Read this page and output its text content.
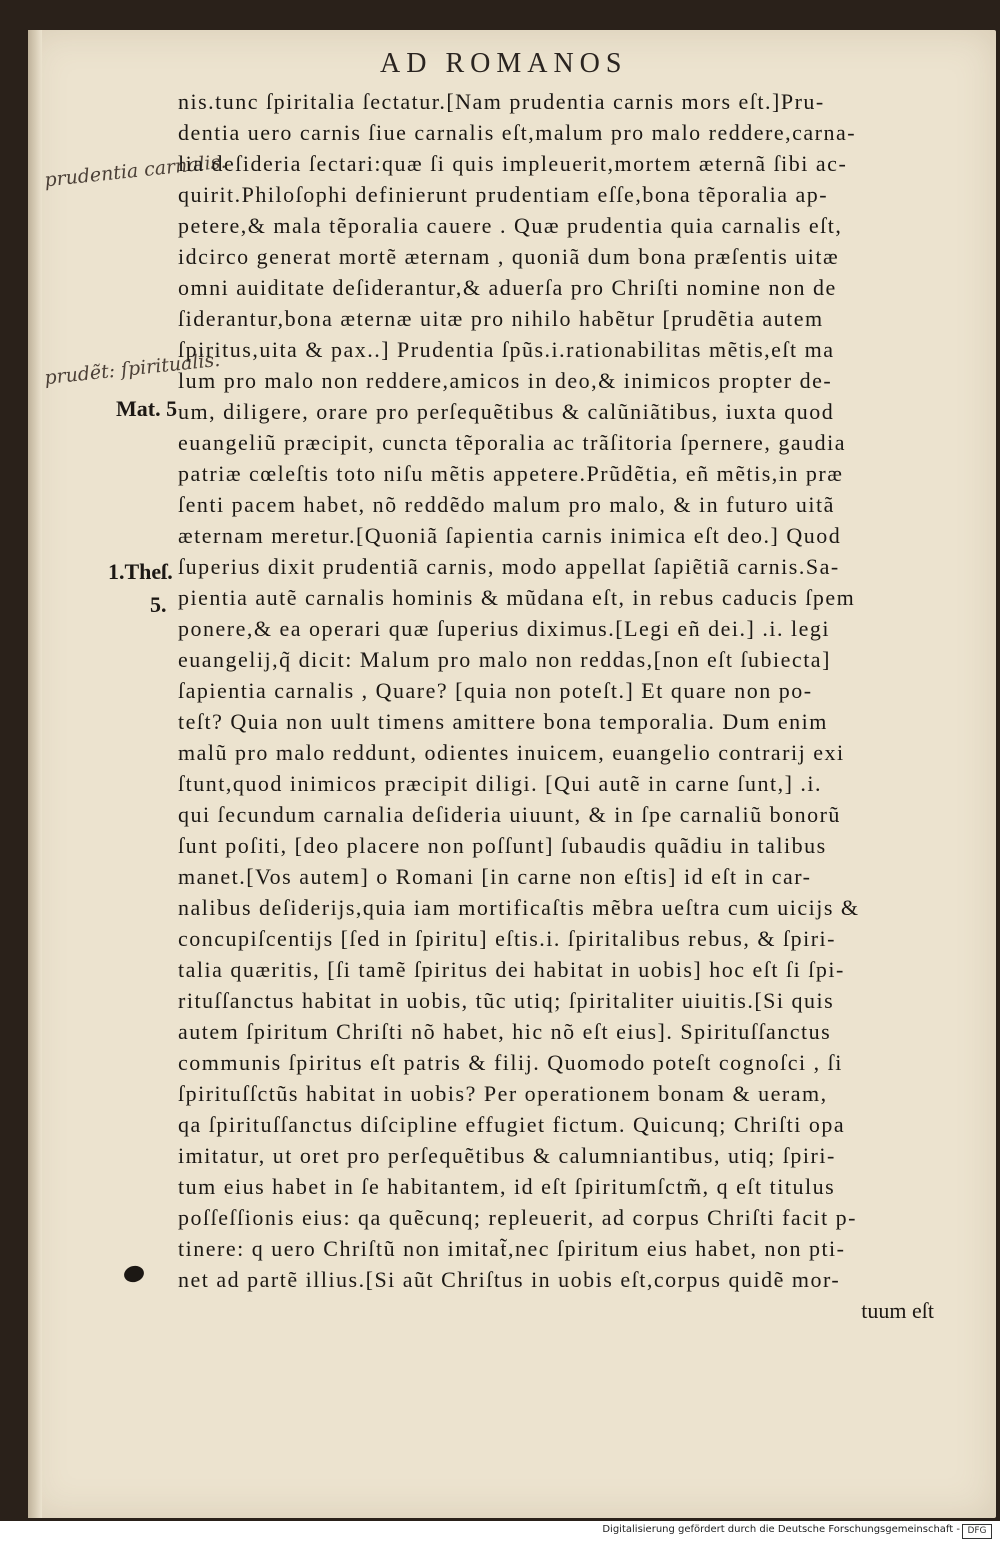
AD ROMANOS
prudentia carnalis.
prudẽt: ſpiritualis.
Mat. 5
1.Theſ.
5.
nis.tunc ſpiritalia ſectatur.[Nam prudentia carnis mors eſt.]Pru-
dentia uero carnis ſiue carnalis eſt,malum pro malo reddere,carna-
lia deſideria ſectari:quæ ſi quis impleuerit,mortem æternã ſibi ac-
quirit.Philoſophi definierunt prudentiam eſſe,bona tẽporalia ap-
petere,& mala tẽporalia cauere . Quæ prudentia quia carnalis eſt,
idcirco generat mortẽ æternam , quoniã dum bona præſentis uitæ
omni auiditate deſiderantur,& aduerſa pro Chriſti nomine non de
ſiderantur,bona æternæ uitæ pro nihilo habẽtur [prudẽtia autem
ſpiritus,uita & pax..] Prudentia ſpũs.i.rationabilitas mẽtis,eſt ma
lum pro malo non reddere,amicos in deo,& inimicos propter de-
um, diligere, orare pro perſequẽtibus & calũniãtibus, iuxta quod
euangeliũ præcipit, cuncta tẽporalia ac trãſitoria ſpernere, gaudia
patriæ cœleſtis toto niſu mẽtis appetere.Prũdẽtia, eñ mẽtis,in præ
ſenti pacem habet, nõ reddẽdo malum pro malo, & in futuro uitã
æternam meretur.[Quoniã ſapientia carnis inimica eſt deo.] Quod
ſuperius dixit prudentiã carnis, modo appellat ſapiẽtiã carnis.Sa-
pientia autẽ carnalis hominis & mũdana eſt, in rebus caducis ſpem
ponere,& ea operari quæ ſuperius diximus.[Legi eñ dei.] .i. legi
euangelij,q̃ dicit: Malum pro malo non reddas,[non eſt ſubiecta]
ſapientia carnalis , Quare? [quia non poteſt.] Et quare non po-
teſt? Quia non uult timens amittere bona temporalia. Dum enim
malũ pro malo reddunt, odientes inuicem, euangelio contrarij exi
ſtunt,quod inimicos præcipit diligi. [Qui autẽ in carne ſunt,] .i.
qui ſecundum carnalia deſideria uiuunt, & in ſpe carnaliũ bonorũ
ſunt poſiti, [deo placere non poſſunt] ſubaudis quãdiu in talibus
manet.[Vos autem] o Romani [in carne non eſtis] id eſt in car-
nalibus deſiderijs,quia iam mortificaſtis mẽbra ueſtra cum uicijs &
concupiſcentijs [ſed in ſpiritu] eſtis.i. ſpiritalibus rebus, & ſpiri-
talia quæritis, [ſi tamẽ ſpiritus dei habitat in uobis] hoc eſt ſi ſpi-
rituſſanctus habitat in uobis, tũc utiq; ſpiritaliter uiuitis.[Si quis
autem ſpiritum Chriſti nõ habet, hic nõ eſt eius]. Spirituſſanctus
communis ſpiritus eſt patris & filij. Quomodo poteſt cognoſci , ſi
ſpirituſſctũs habitat in uobis? Per operationem bonam & ueram,
qa ſpirituſſanctus diſcipline effugiet fictum. Quicunq; Chriſti opa
imitatur, ut oret pro perſequẽtibus & calumniantibus, utiq; ſpiri-
tum eius habet in ſe habitantem, id eſt ſpiritumſctm̃, q eſt titulus
poſſeſſionis eius: qa quẽcunq; repleuerit, ad corpus Chriſti facit p-
tinere: q uero Chriſtũ non imitat̃,nec ſpiritum eius habet, non pti-
net ad partẽ illius.[Si aũt Chriſtus in uobis eſt,corpus quidẽ mor-
tuum eſt
Digitalisierung gefördert durch die Deutsche Forschungsgemeinschaft - DFG
